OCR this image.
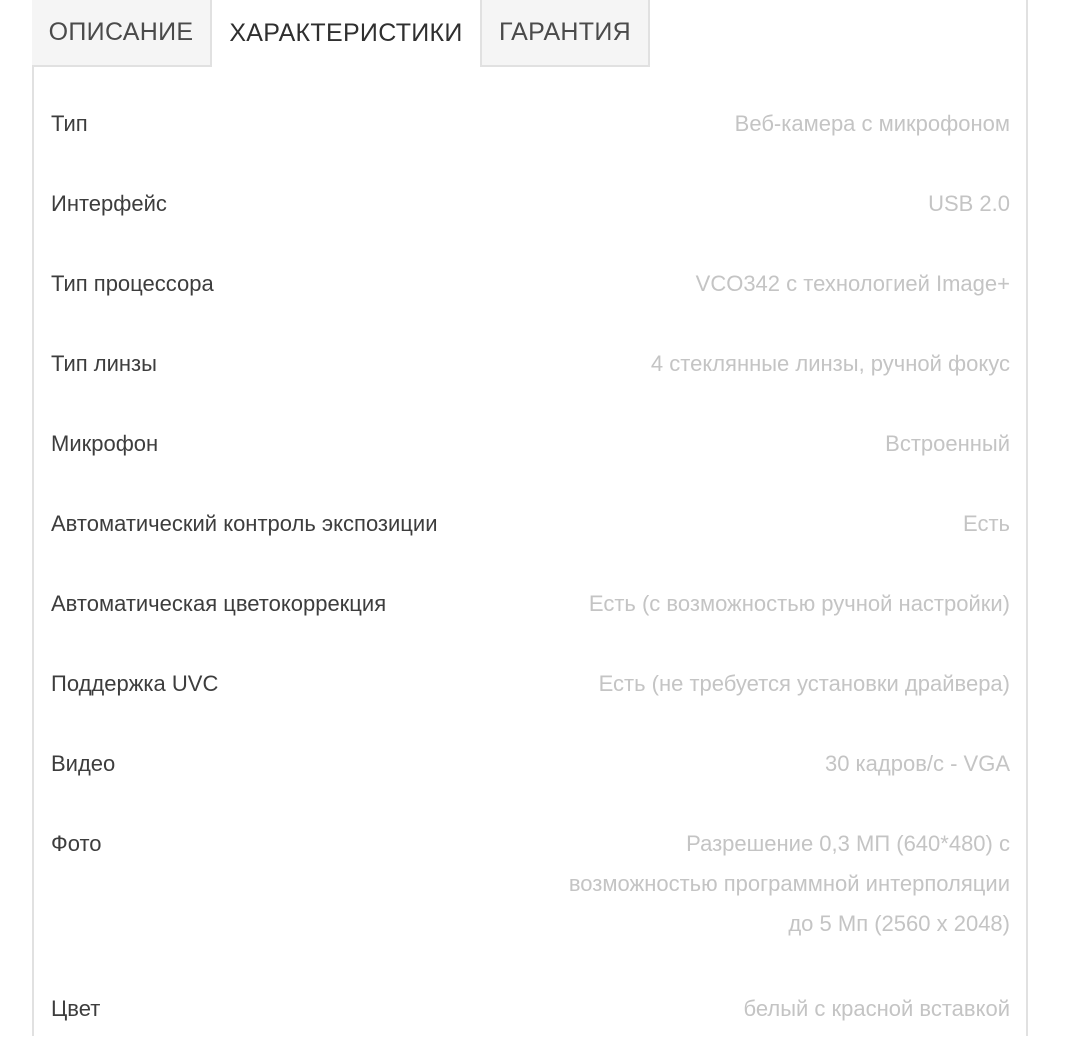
ОПИСАНИЕ	ХАРАКТЕРИСТИКИ	ГАРАНТИЯ
Тип	Веб-камера с микрофоном
Интерфейс	USB 2.0
Тип процессора	VCO342 с технологией Image+
Тип линзы	4 стеклянные линзы, ручной фокус
Микрофон	Встроенный
Автоматический контроль экспозиции	Есть
Автоматическая цветокоррекция	Есть (с возможностью ручной настройки)
Поддержка UVC	Есть (не требуется установки драйвера)
Видео	30 кадров/с - VGA
Фото	Разрешение 0,3 МП (640*480) с возможностью программной интерполяции до 5 Мп (2560 x 2048)
Цвет	белый с красной вставкой
